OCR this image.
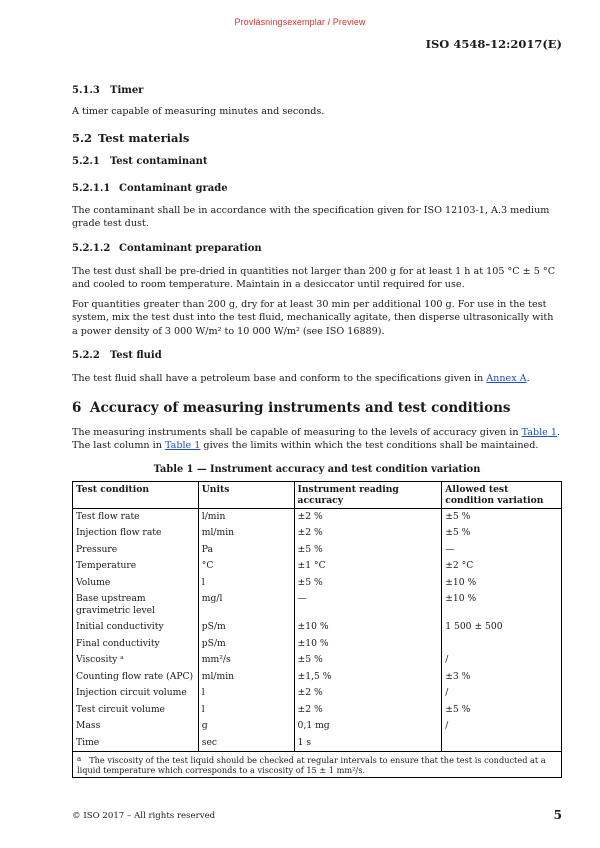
Provläsningsexemplar / Preview
ISO 4548-12:2017(E)
5.1.3 Timer

A timer capable of measuring minutes and seconds.

5.2 Test materials
5.2.1 Test contaminant
5.2.1.1 Contaminant grade

The contaminant shall be in accordance with the specification given for ISO 12103-1, A.3 medium grade test dust.

5.2.1.2 Contaminant preparation

The test dust shall be pre-dried in quantities not larger than 200 g for at least 1 h at 105 °C ± 5 °C and cooled to room temperature. Maintain in a desiccator until required for use.

For quantities greater than 200 g, dry for at least 30 min per additional 100 g. For use in the test system, mix the test dust into the test fluid, mechanically agitate, then disperse ultrasonically with a power density of 3 000 W/m² to 10 000 W/m² (see ISO 16889).

5.2.2 Test fluid

The test fluid shall have a petroleum base and conform to the specifications given in Annex A.

6 Accuracy of measuring instruments and test conditions

The measuring instruments shall be capable of measuring to the levels of accuracy given in Table 1. The last column in Table 1 gives the limits within which the test conditions shall be maintained.

Table 1 — Instrument accuracy and test condition variation
Test condition	Units	Instrument reading accuracy	Allowed test condition variation
Test flow rate	l/min	±2 %	±5 %
Injection flow rate	ml/min	±2 %	±5 %
Pressure	Pa	±5 %	—
Temperature	°C	±1 °C	±2 °C
Volume	l	±5 %	±10 %
Base upstream gravimetric level	mg/l	—	±10 %
Initial conductivity	pS/m	±10 %	1 500 ± 500
Final conductivity	pS/m	±10 %	
Viscosity ᵃ	mm²/s	±5 %	/
Counting flow rate (APC)	ml/min	±1,5 %	±3 %
Injection circuit volume	l	±2 %	/
Test circuit volume	l	±2 %	±5 %
Mass	g	0,1 mg	/
Time	sec	1 s	
a The viscosity of the test liquid should be checked at regular intervals to ensure that the test is conducted at a liquid temperature which corresponds to a viscosity of 15 ± 1 mm²/s.			
© ISO 2017 – All rights reserved	5
